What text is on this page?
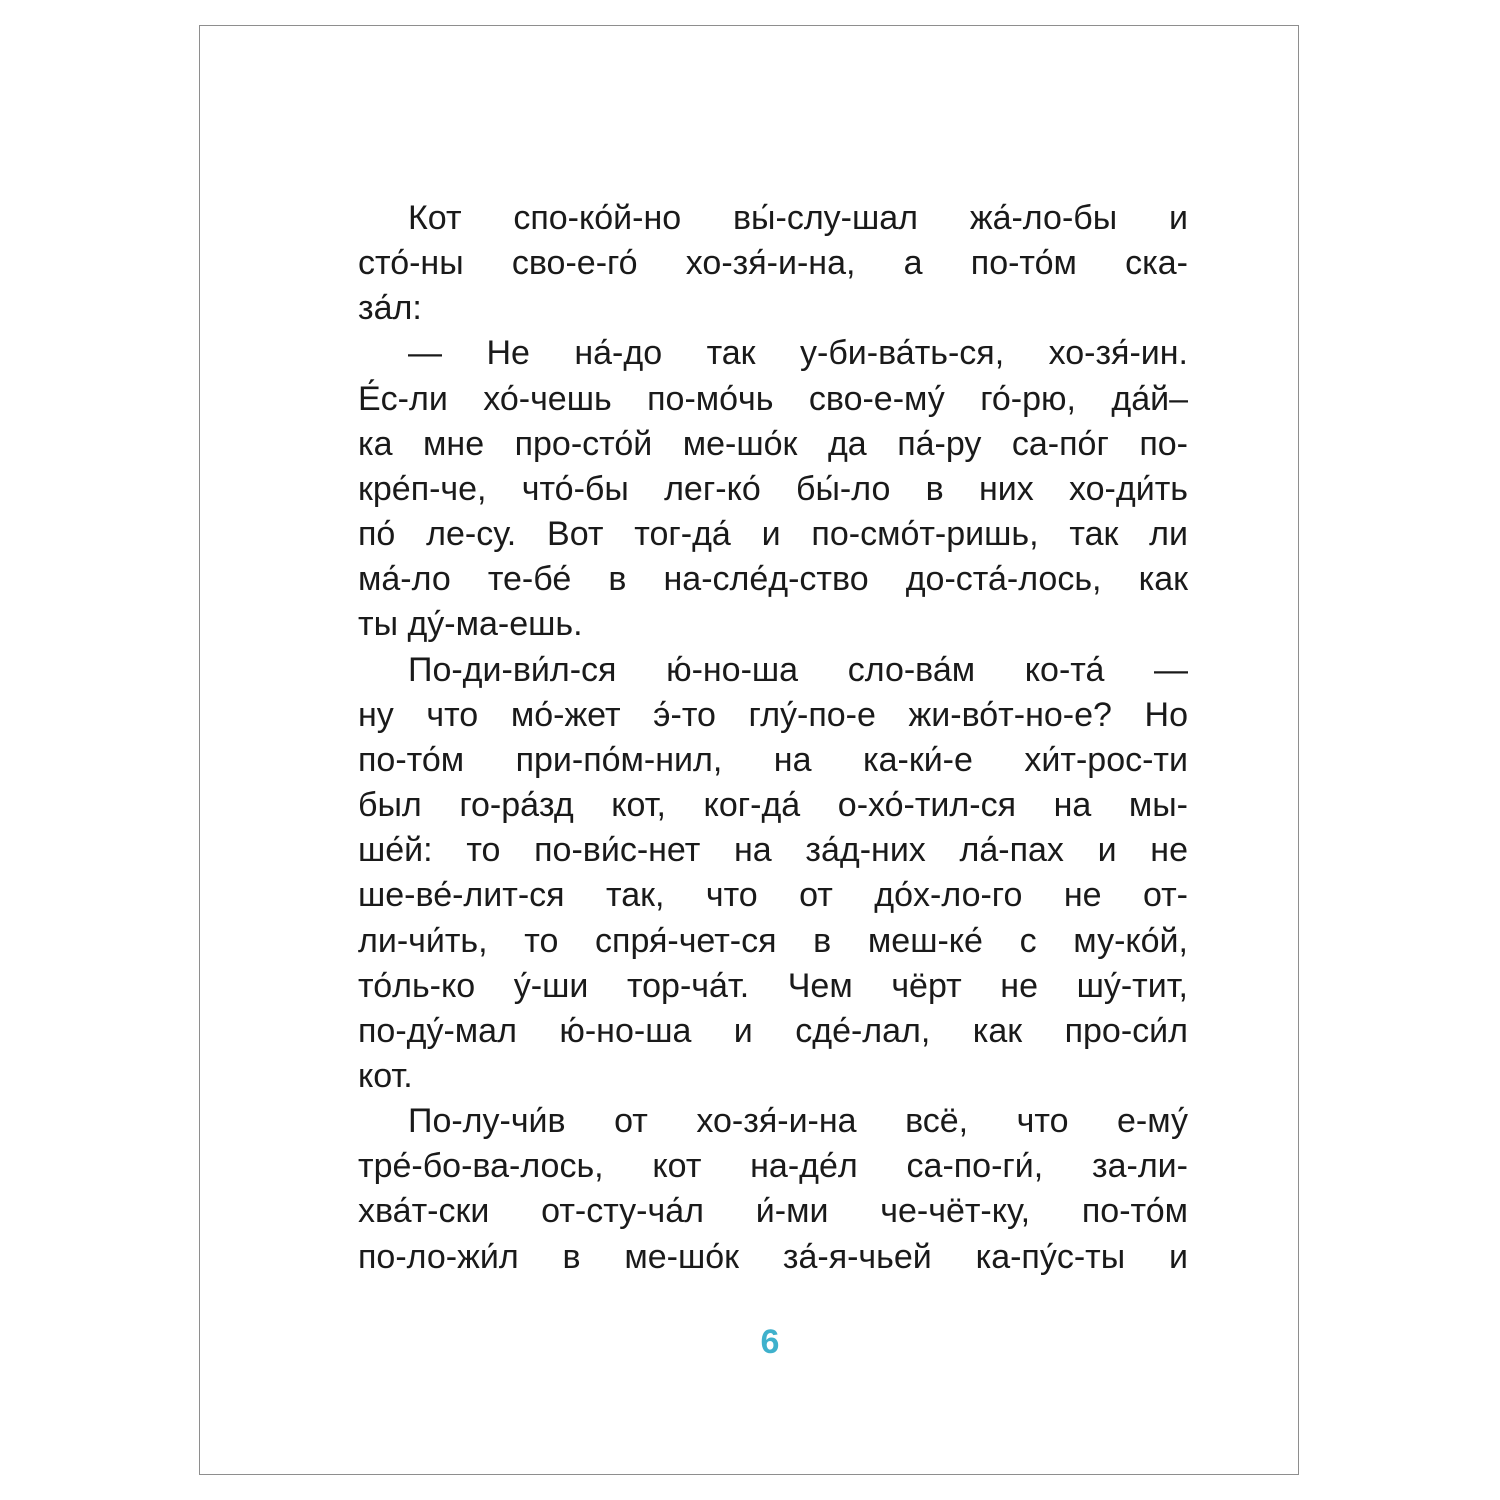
Кот спо-ко́й-но вы́-слу-шал жа́-ло-бы и
сто́-ны сво-е-го́ хо-зя́-и-на, а по-то́м ска-
за́л:
— Не на́-до так у-би-ва́ть-ся, хо-зя́-ин.
Е́с-ли хо́-чешь по-мо́чь сво-е-му́ го́-рю, да́й–
ка мне про-сто́й ме-шо́к да па́-ру са-по́г по-
кре́п-че, что́-бы лег-ко́ бы́-ло в них хо-ди́ть
по́ ле-су. Вот тог-да́ и по-смо́т-ришь, так ли
ма́-ло те-бе́ в на-сле́д-ство до-ста́-лось, как
ты ду́-ма-ешь.
По-ди-ви́л-ся ю́-но-ша сло-ва́м ко-та́ —
ну что мо́-жет э́-то глу́-по-е жи-во́т-но-е? Но
по-то́м при-по́м-нил, на ка-ки́-е хи́т-рос-ти
был го-ра́зд кот, ког-да́ о-хо́-тил-ся на мы-
ше́й: то по-ви́с-нет на за́д-них ла́-пах и не
ше-ве́-лит-ся так, что от до́х-ло-го не от-
ли-чи́ть, то спря́-чет-ся в меш-ке́ с му-ко́й,
то́ль-ко у́-ши тор-ча́т. Чем чёрт не шу́-тит,
по-ду́-мал ю́-но-ша и сде́-лал, как про-си́л
кот.
По-лу-чи́в от хо-зя́-и-на всё, что е-му́
тре́-бо-ва-лось, кот на-де́л са-по-ги́, за-ли-
хва́т-ски от-сту-ча́л и́-ми че-чёт-ку, по-то́м
по-ло-жи́л в ме-шо́к за́-я-чьей ка-пу́с-ты и
6
